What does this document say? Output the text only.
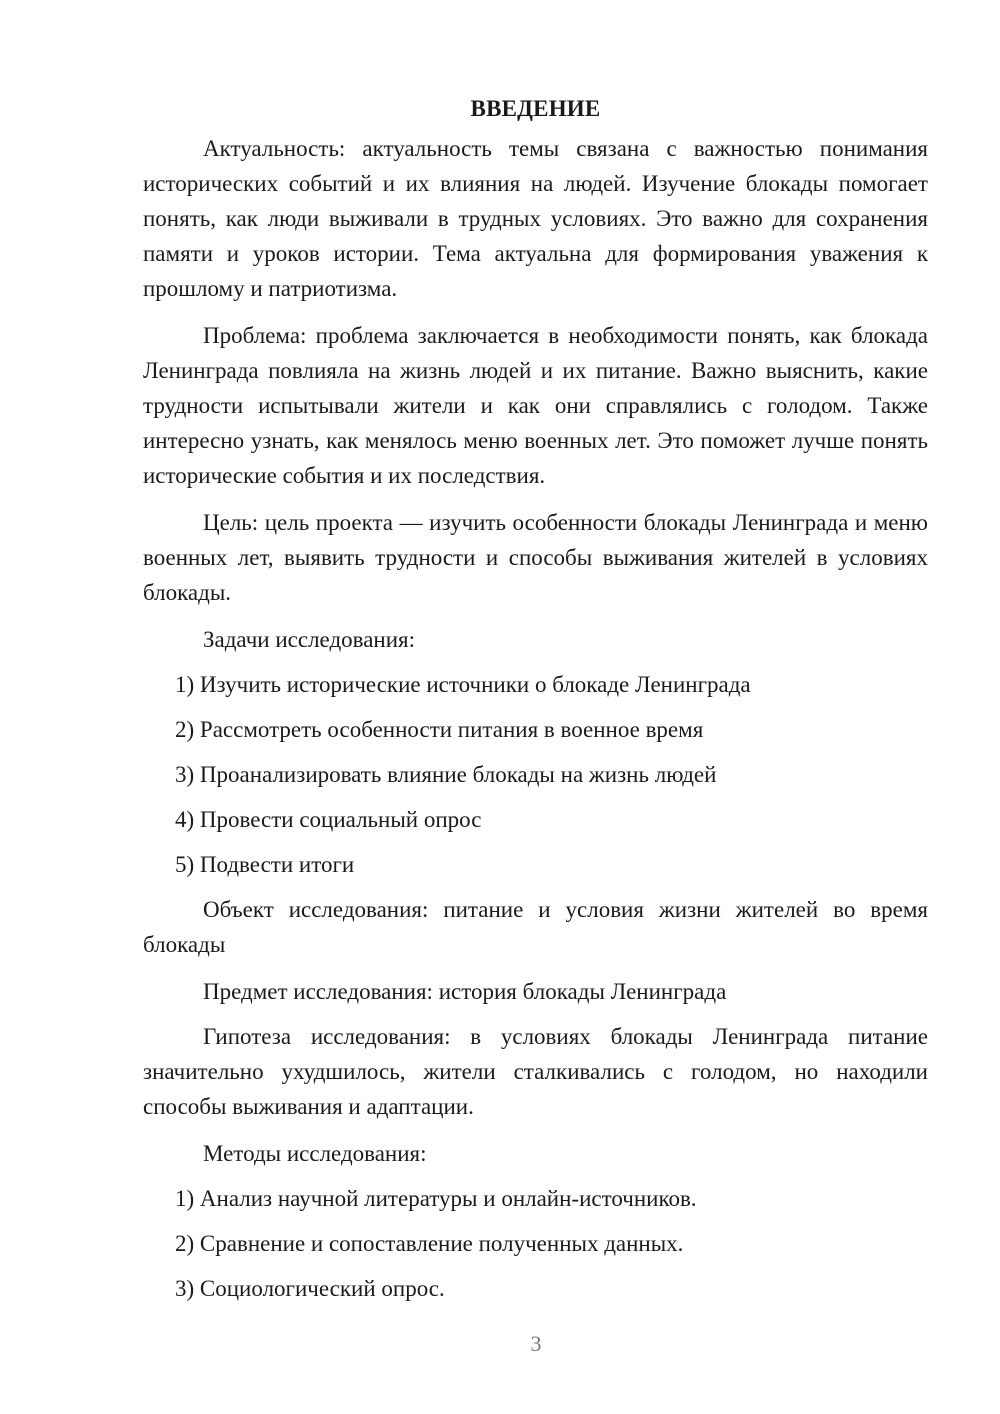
ВВЕДЕНИЕ

Актуальность: актуальность темы связана с важностью понимания исторических событий и их влияния на людей. Изучение блокады помогает понять, как люди выживали в трудных условиях. Это важно для сохранения памяти и уроков истории. Тема актуальна для формирования уважения к прошлому и патриотизма.

Проблема: проблема заключается в необходимости понять, как блокада Ленинграда повлияла на жизнь людей и их питание. Важно выяснить, какие трудности испытывали жители и как они справлялись с голодом. Также интересно узнать, как менялось меню военных лет. Это поможет лучше понять исторические события и их последствия.

Цель: цель проекта — изучить особенности блокады Ленинграда и меню военных лет, выявить трудности и способы выживания жителей в условиях блокады.

Задачи исследования:

1) Изучить исторические источники о блокаде Ленинграда

2) Рассмотреть особенности питания в военное время

3) Проанализировать влияние блокады на жизнь людей

4) Провести социальный опрос

5) Подвести итоги

Объект исследования: питание и условия жизни жителей во время блокады

Предмет исследования: история блокады Ленинграда

Гипотеза исследования: в условиях блокады Ленинграда питание значительно ухудшилось, жители сталкивались с голодом, но находили способы выживания и адаптации.

Методы исследования:

1) Анализ научной литературы и онлайн-источников.

2) Сравнение и сопоставление полученных данных.

3) Социологический опрос.

3
